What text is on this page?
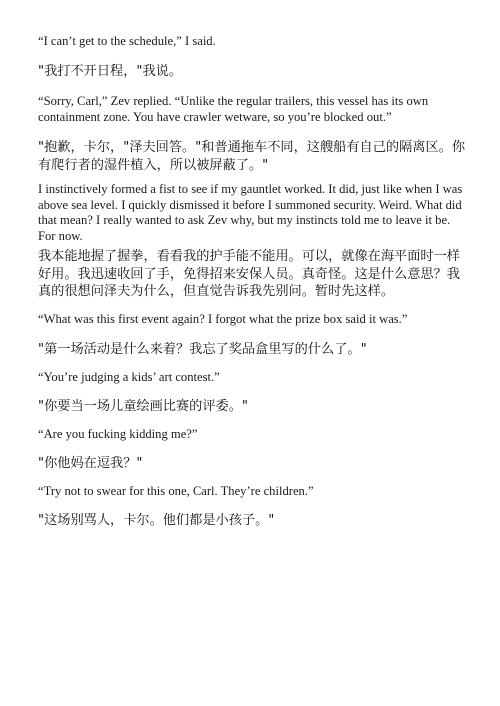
“I can’t get to the schedule,” I said.

"我打不开日程，"我说。

“Sorry, Carl,” Zev replied. “Unlike the regular trailers, this vessel has its own containment zone. You have crawler wetware, so you’re blocked out.”

"抱歉，卡尔，"泽夫回答。"和普通拖车不同，这艘船有自己的隔离区。你有爬行者的湿件植入，所以被屏蔽了。"

I instinctively formed a fist to see if my gauntlet worked. It did, just like when I was above sea level. I quickly dismissed it before I summoned security. Weird. What did that mean? I really wanted to ask Zev why, but my instincts told me to leave it be. For now.

我本能地握了握拳，看看我的护手能不能用。可以，就像在海平面时一样好用。我迅速收回了手，免得招来安保人员。真奇怪。这是什么意思？我真的很想问泽夫为什么，但直觉告诉我先别问。暂时先这样。

“What was this first event again? I forgot what the prize box said it was.”

"第一场活动是什么来着？我忘了奖品盒里写的什么了。"

“You’re judging a kids’ art contest.”

"你要当一场儿童绘画比赛的评委。"

“Are you fucking kidding me?”

"你他妈在逗我？"

“Try not to swear for this one, Carl. They’re children.”

"这场别骂人，卡尔。他们都是小孩子。"
